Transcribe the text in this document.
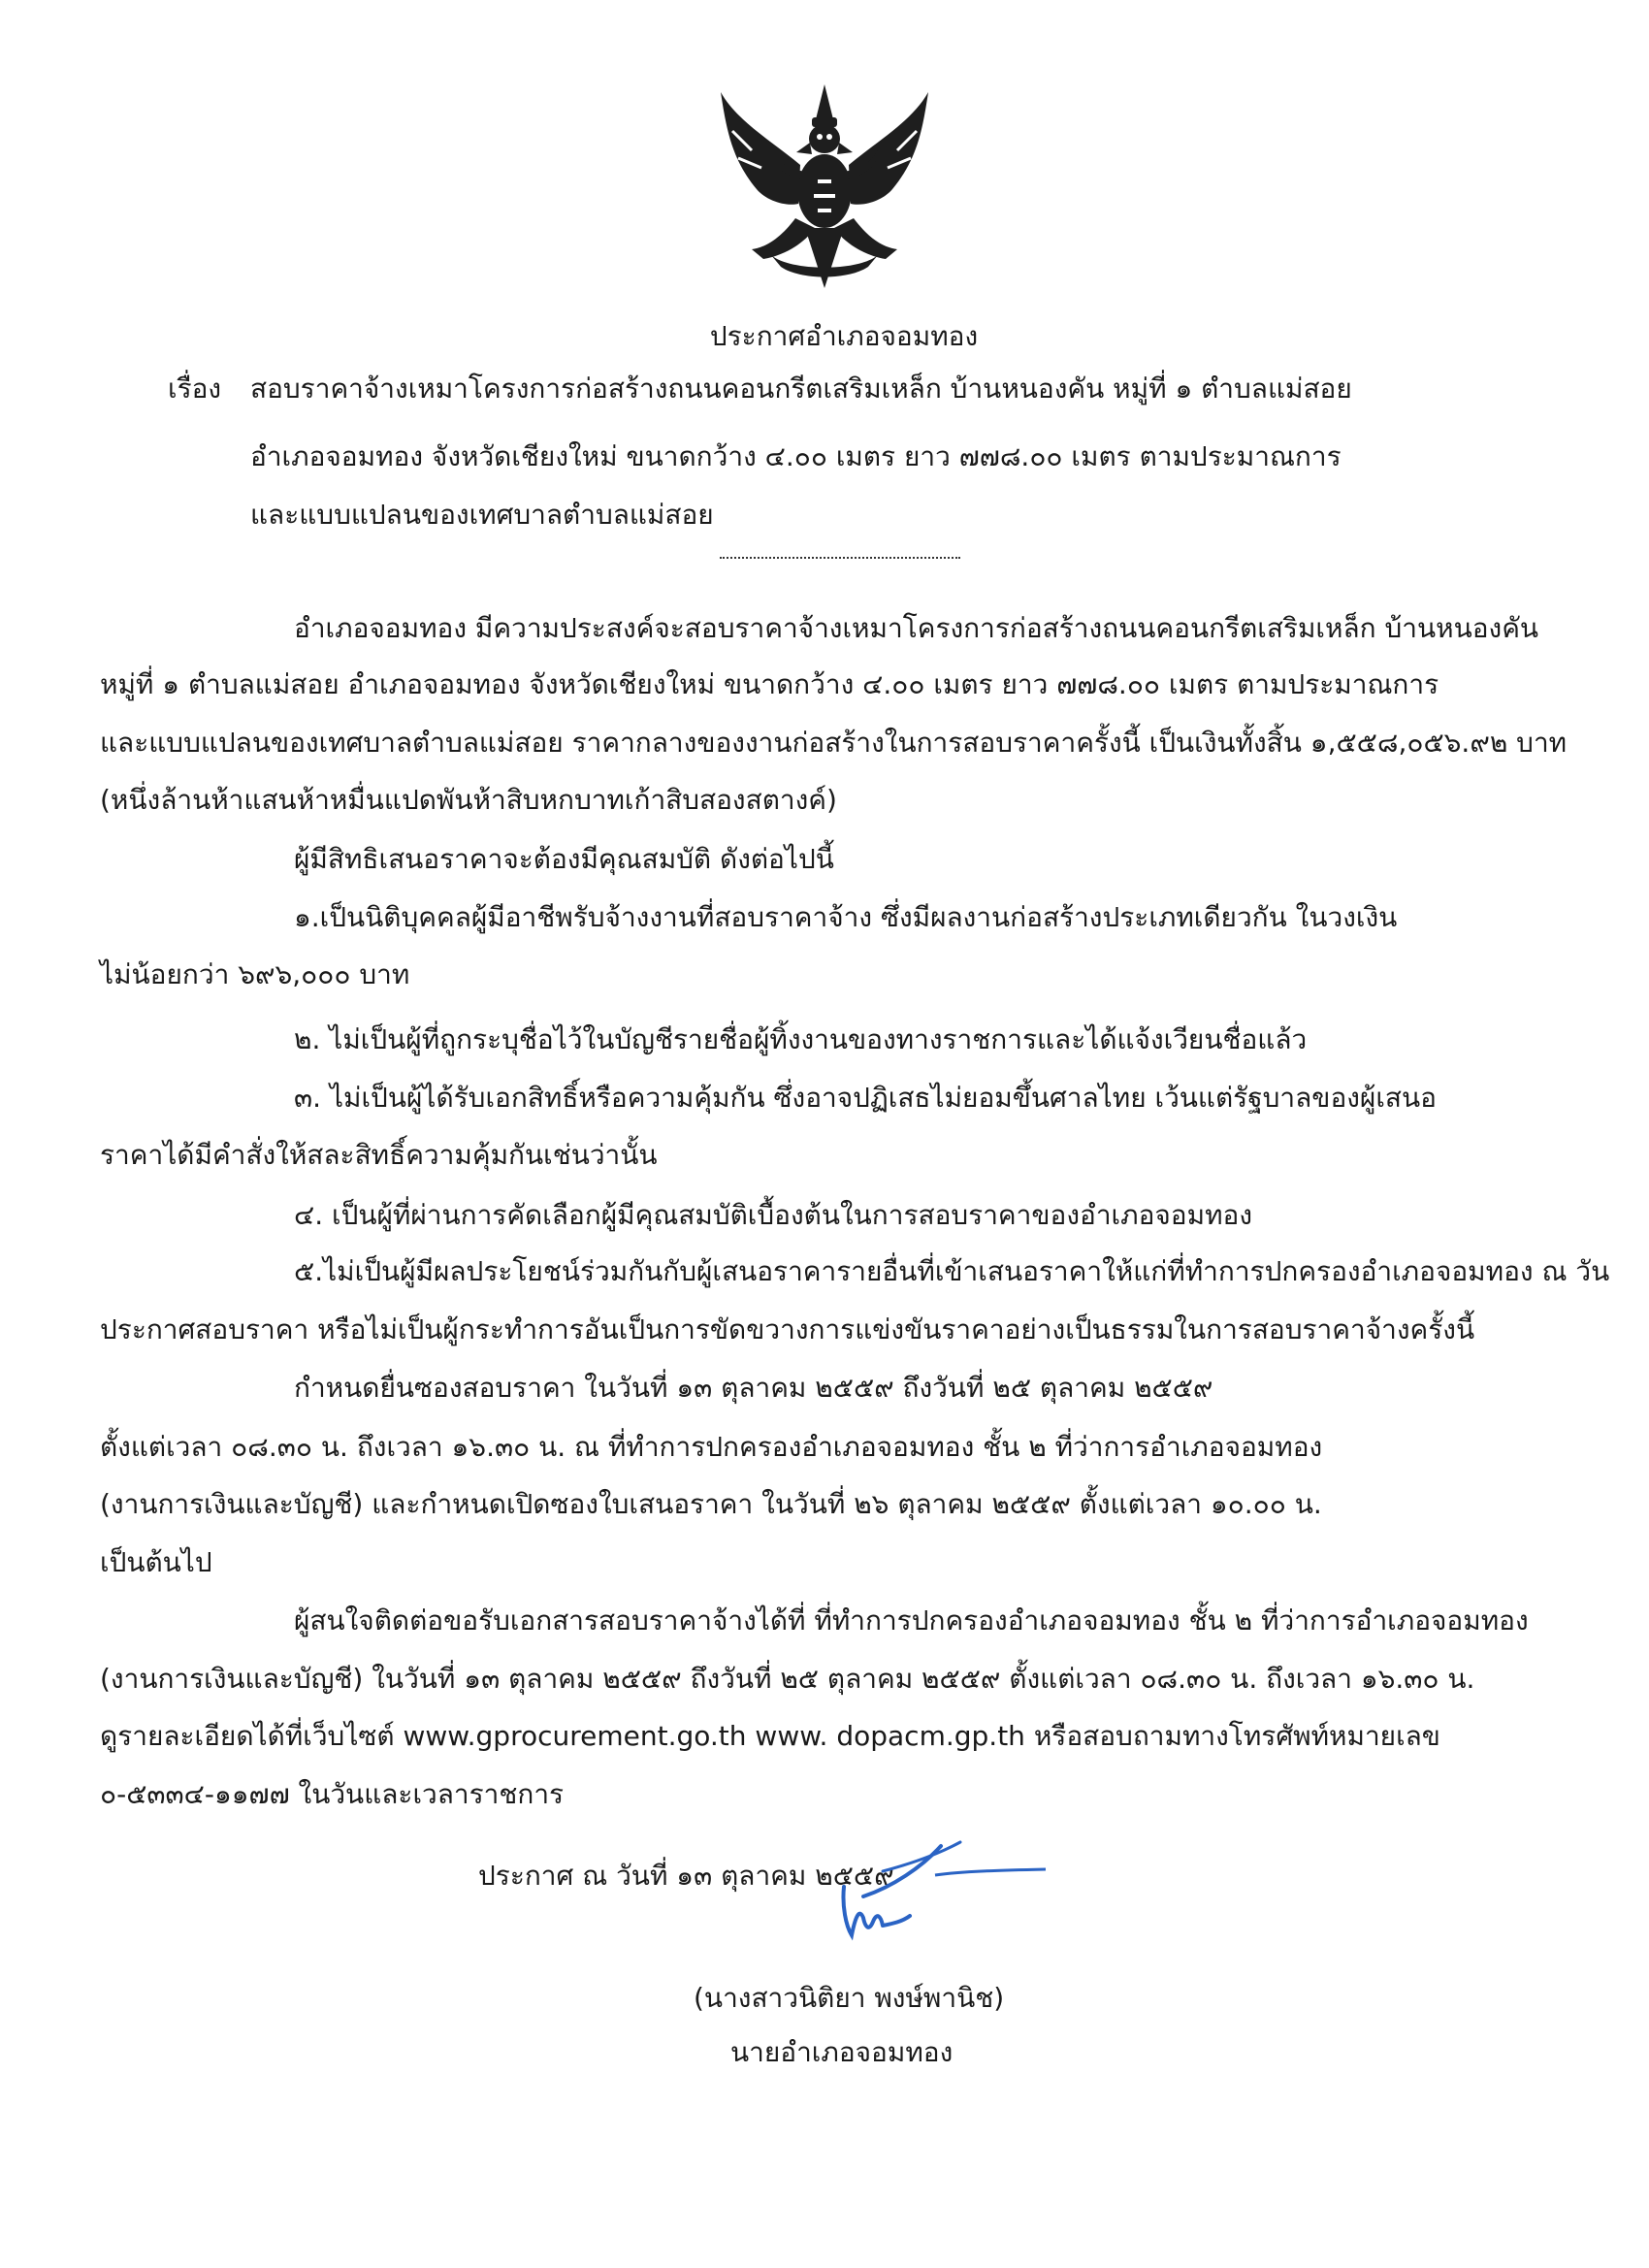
ประกาศอำเภอจอมทอง
เรื่อง สอบราคาจ้างเหมาโครงการก่อสร้างถนนคอนกรีตเสริมเหล็ก บ้านหนองคัน หมู่ที่ ๑ ตำบลแม่สอย
อำเภอจอมทอง จังหวัดเชียงใหม่ ขนาดกว้าง ๔.๐๐ เมตร ยาว ๗๗๘.๐๐ เมตร ตามประมาณการ
และแบบแปลนของเทศบาลตำบลแม่สอย
อำเภอจอมทอง มีความประสงค์จะสอบราคาจ้างเหมาโครงการก่อสร้างถนนคอนกรีตเสริมเหล็ก บ้านหนองคัน
หมู่ที่ ๑ ตำบลแม่สอย อำเภอจอมทอง จังหวัดเชียงใหม่ ขนาดกว้าง ๔.๐๐ เมตร ยาว ๗๗๘.๐๐ เมตร ตามประมาณการ
และแบบแปลนของเทศบาลตำบลแม่สอย ราคากลางของงานก่อสร้างในการสอบราคาครั้งนี้ เป็นเงินทั้งสิ้น ๑,๕๕๘,๐๕๖.๙๒ บาท
(หนึ่งล้านห้าแสนห้าหมื่นแปดพันห้าสิบหกบาทเก้าสิบสองสตางค์)
ผู้มีสิทธิเสนอราคาจะต้องมีคุณสมบัติ ดังต่อไปนี้
๑.เป็นนิติบุคคลผู้มีอาชีพรับจ้างงานที่สอบราคาจ้าง ซึ่งมีผลงานก่อสร้างประเภทเดียวกัน ในวงเงิน
ไม่น้อยกว่า ๖๙๖,๐๐๐ บาท
๒. ไม่เป็นผู้ที่ถูกระบุชื่อไว้ในบัญชีรายชื่อผู้ทิ้งงานของทางราชการและได้แจ้งเวียนชื่อแล้ว
๓. ไม่เป็นผู้ได้รับเอกสิทธิ์หรือความคุ้มกัน ซึ่งอาจปฏิเสธไม่ยอมขึ้นศาลไทย เว้นแต่รัฐบาลของผู้เสนอ
ราคาได้มีคำสั่งให้สละสิทธิ์ความคุ้มกันเช่นว่านั้น
๔. เป็นผู้ที่ผ่านการคัดเลือกผู้มีคุณสมบัติเบื้องต้นในการสอบราคาของอำเภอจอมทอง
๕.ไม่เป็นผู้มีผลประโยชน์ร่วมกันกับผู้เสนอราคารายอื่นที่เข้าเสนอราคาให้แก่ที่ทำการปกครองอำเภอจอมทอง ณ วัน
ประกาศสอบราคา หรือไม่เป็นผู้กระทำการอันเป็นการขัดขวางการแข่งขันราคาอย่างเป็นธรรมในการสอบราคาจ้างครั้งนี้
กำหนดยื่นซองสอบราคา ในวันที่ ๑๓ ตุลาคม ๒๕๕๙ ถึงวันที่ ๒๕ ตุลาคม ๒๕๕๙
ตั้งแต่เวลา ๐๘.๓๐ น. ถึงเวลา ๑๖.๓๐ น. ณ ที่ทำการปกครองอำเภอจอมทอง ชั้น ๒ ที่ว่าการอำเภอจอมทอง
(งานการเงินและบัญชี) และกำหนดเปิดซองใบเสนอราคา ในวันที่ ๒๖ ตุลาคม ๒๕๕๙ ตั้งแต่เวลา ๑๐.๐๐ น.
เป็นต้นไป
ผู้สนใจติดต่อขอรับเอกสารสอบราคาจ้างได้ที่ ที่ทำการปกครองอำเภอจอมทอง ชั้น ๒ ที่ว่าการอำเภอจอมทอง
(งานการเงินและบัญชี) ในวันที่ ๑๓ ตุลาคม ๒๕๕๙ ถึงวันที่ ๒๕ ตุลาคม ๒๕๕๙ ตั้งแต่เวลา ๐๘.๓๐ น. ถึงเวลา ๑๖.๓๐ น.
ดูรายละเอียดได้ที่เว็บไซต์ www.gprocurement.go.th www. dopacm.gp.th หรือสอบถามทางโทรศัพท์หมายเลข
๐-๕๓๓๔-๑๑๗๗ ในวันและเวลาราชการ
ประกาศ ณ วันที่ ๑๓ ตุลาคม ๒๕๕๙
(นางสาวนิติยา พงษ์พานิช)
นายอำเภอจอมทอง
